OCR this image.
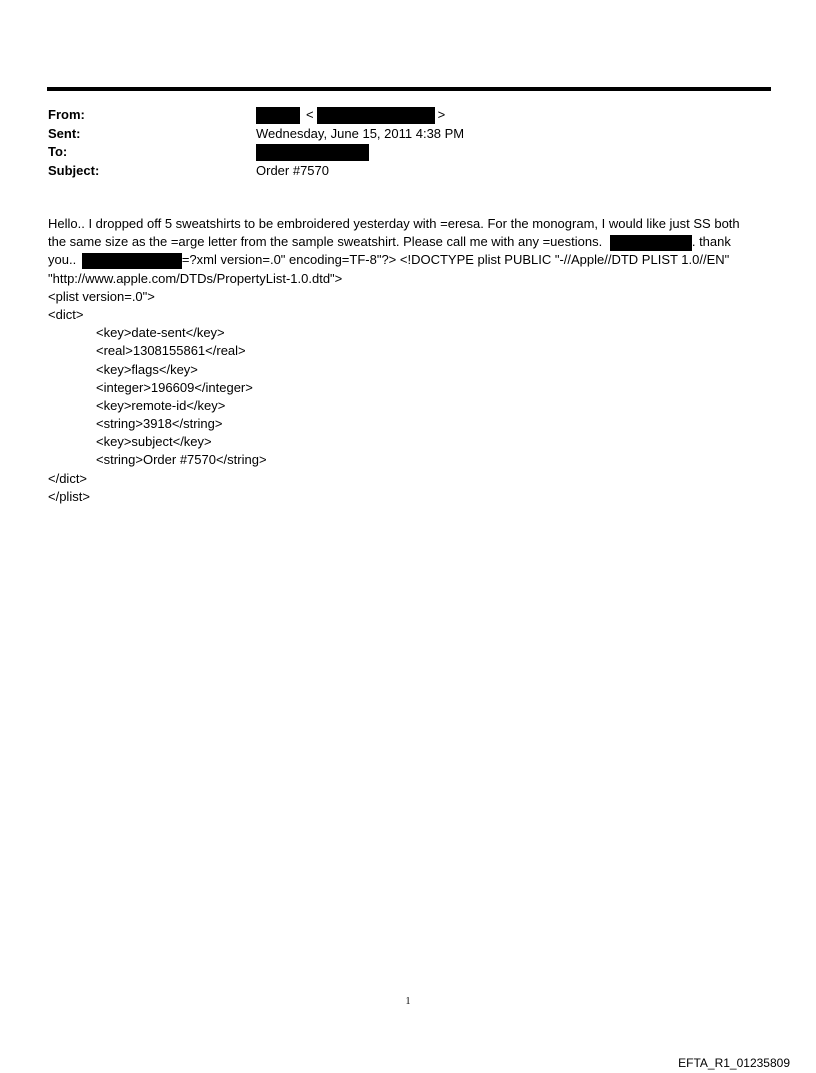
From:	<	>
Sent:	Wednesday, June 15, 2011 4:38 PM
To:
Subject:	Order #7570
Hello.. I dropped off 5 sweatshirts to be embroidered yesterday with =eresa. For the monogram, I would like just SS both
the same size as the =arge letter from the sample sweatshirt. Please call me with any =uestions.	. thank
you..	=?xml version=.0" encoding=TF-8"?> <!DOCTYPE plist PUBLIC "-//Apple//DTD PLIST 1.0//EN"
"http://www.apple.com/DTDs/PropertyList-1.0.dtd">
<plist version=.0">
<dict>
<key>date-sent</key>
<real>1308155861</real>
<key>flags</key>
<integer>196609</integer>
<key>remote-id</key>
<string>3918</string>
<key>subject</key>
<string>Order #7570</string>
</dict>
</plist>
1
EFTA_R1_01235809
